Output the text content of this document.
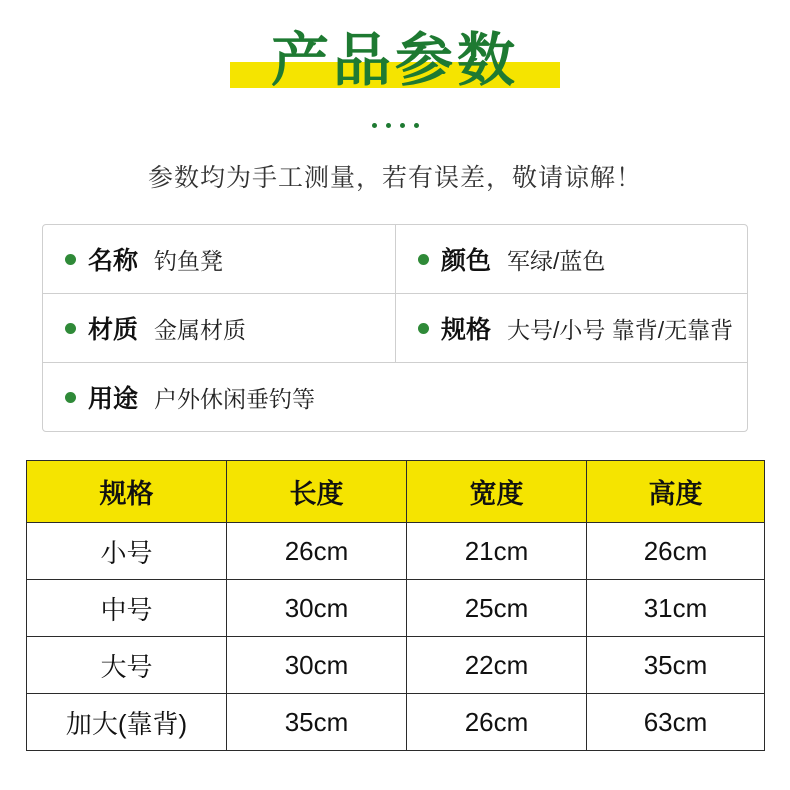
产品参数
参数均为手工测量，若有误差，敬请谅解！
名称 钓鱼凳	颜色 军绿/蓝色
材质 金属材质	规格 大号/小号 靠背/无靠背
用途 户外休闲垂钓等
规格	长度	宽度	高度
小号	26cm	21cm	26cm
中号	30cm	25cm	31cm
大号	30cm	22cm	35cm
加大(靠背)	35cm	26cm	63cm
